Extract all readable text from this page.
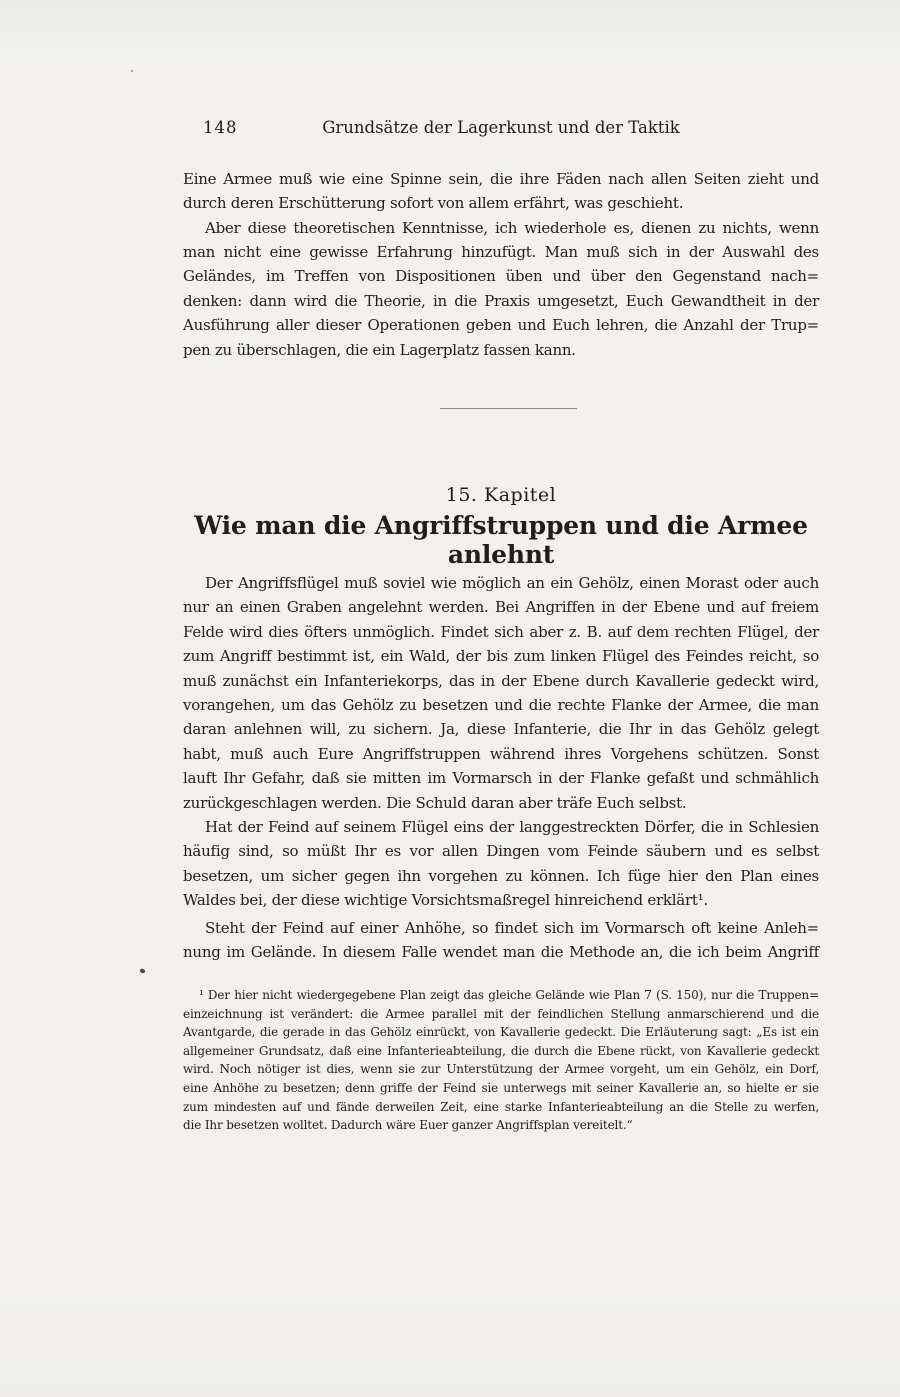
148	Grundsätze der Lagerkunst und der Taktik
Eine Armee muß wie eine Spinne sein, die ihre Fäden nach allen Seiten zieht und
durch deren Erschütterung sofort von allem erfährt, was geschieht.
Aber diese theoretischen Kenntnisse, ich wiederhole es, dienen zu nichts, wenn
man nicht eine gewisse Erfahrung hinzufügt. Man muß sich in der Auswahl des
Geländes, im Treffen von Dispositionen üben und über den Gegenstand nach=
denken: dann wird die Theorie, in die Praxis umgesetzt, Euch Gewandtheit in der
Ausführung aller dieser Operationen geben und Euch lehren, die Anzahl der Trup=
pen zu überschlagen, die ein Lagerplatz fassen kann.
15. Kapitel
Wie man die Angriffstruppen und die Armee anlehnt
Der Angriffsflügel muß soviel wie möglich an ein Gehölz, einen Morast oder auch
nur an einen Graben angelehnt werden. Bei Angriffen in der Ebene und auf freiem
Felde wird dies öfters unmöglich. Findet sich aber z. B. auf dem rechten Flügel, der
zum Angriff bestimmt ist, ein Wald, der bis zum linken Flügel des Feindes reicht, so
muß zunächst ein Infanteriekorps, das in der Ebene durch Kavallerie gedeckt wird,
vorangehen, um das Gehölz zu besetzen und die rechte Flanke der Armee, die man
daran anlehnen will, zu sichern. Ja, diese Infanterie, die Ihr in das Gehölz gelegt
habt, muß auch Eure Angriffstruppen während ihres Vorgehens schützen. Sonst
lauft Ihr Gefahr, daß sie mitten im Vormarsch in der Flanke gefaßt und schmählich
zurückgeschlagen werden. Die Schuld daran aber träfe Euch selbst.
Hat der Feind auf seinem Flügel eins der langgestreckten Dörfer, die in Schlesien
häufig sind, so müßt Ihr es vor allen Dingen vom Feinde säubern und es selbst
besetzen, um sicher gegen ihn vorgehen zu können. Ich füge hier den Plan eines
Waldes bei, der diese wichtige Vorsichtsmaßregel hinreichend erklärt¹.
Steht der Feind auf einer Anhöhe, so findet sich im Vormarsch oft keine Anleh=
nung im Gelände. In diesem Falle wendet man die Methode an, die ich beim Angriff
¹ Der hier nicht wiedergegebene Plan zeigt das gleiche Gelände wie Plan 7 (S. 150), nur die Truppen=
einzeichnung ist verändert: die Armee parallel mit der feindlichen Stellung anmarschierend und die
Avantgarde, die gerade in das Gehölz einrückt, von Kavallerie gedeckt. Die Erläuterung sagt: „Es ist ein
allgemeiner Grundsatz, daß eine Infanterieabteilung, die durch die Ebene rückt, von Kavallerie gedeckt
wird. Noch nötiger ist dies, wenn sie zur Unterstützung der Armee vorgeht, um ein Gehölz, ein Dorf,
eine Anhöhe zu besetzen; denn griffe der Feind sie unterwegs mit seiner Kavallerie an, so hielte er sie
zum mindesten auf und fände derweilen Zeit, eine starke Infanterieabteilung an die Stelle zu werfen,
die Ihr besetzen wolltet. Dadurch wäre Euer ganzer Angriffsplan vereitelt.“
